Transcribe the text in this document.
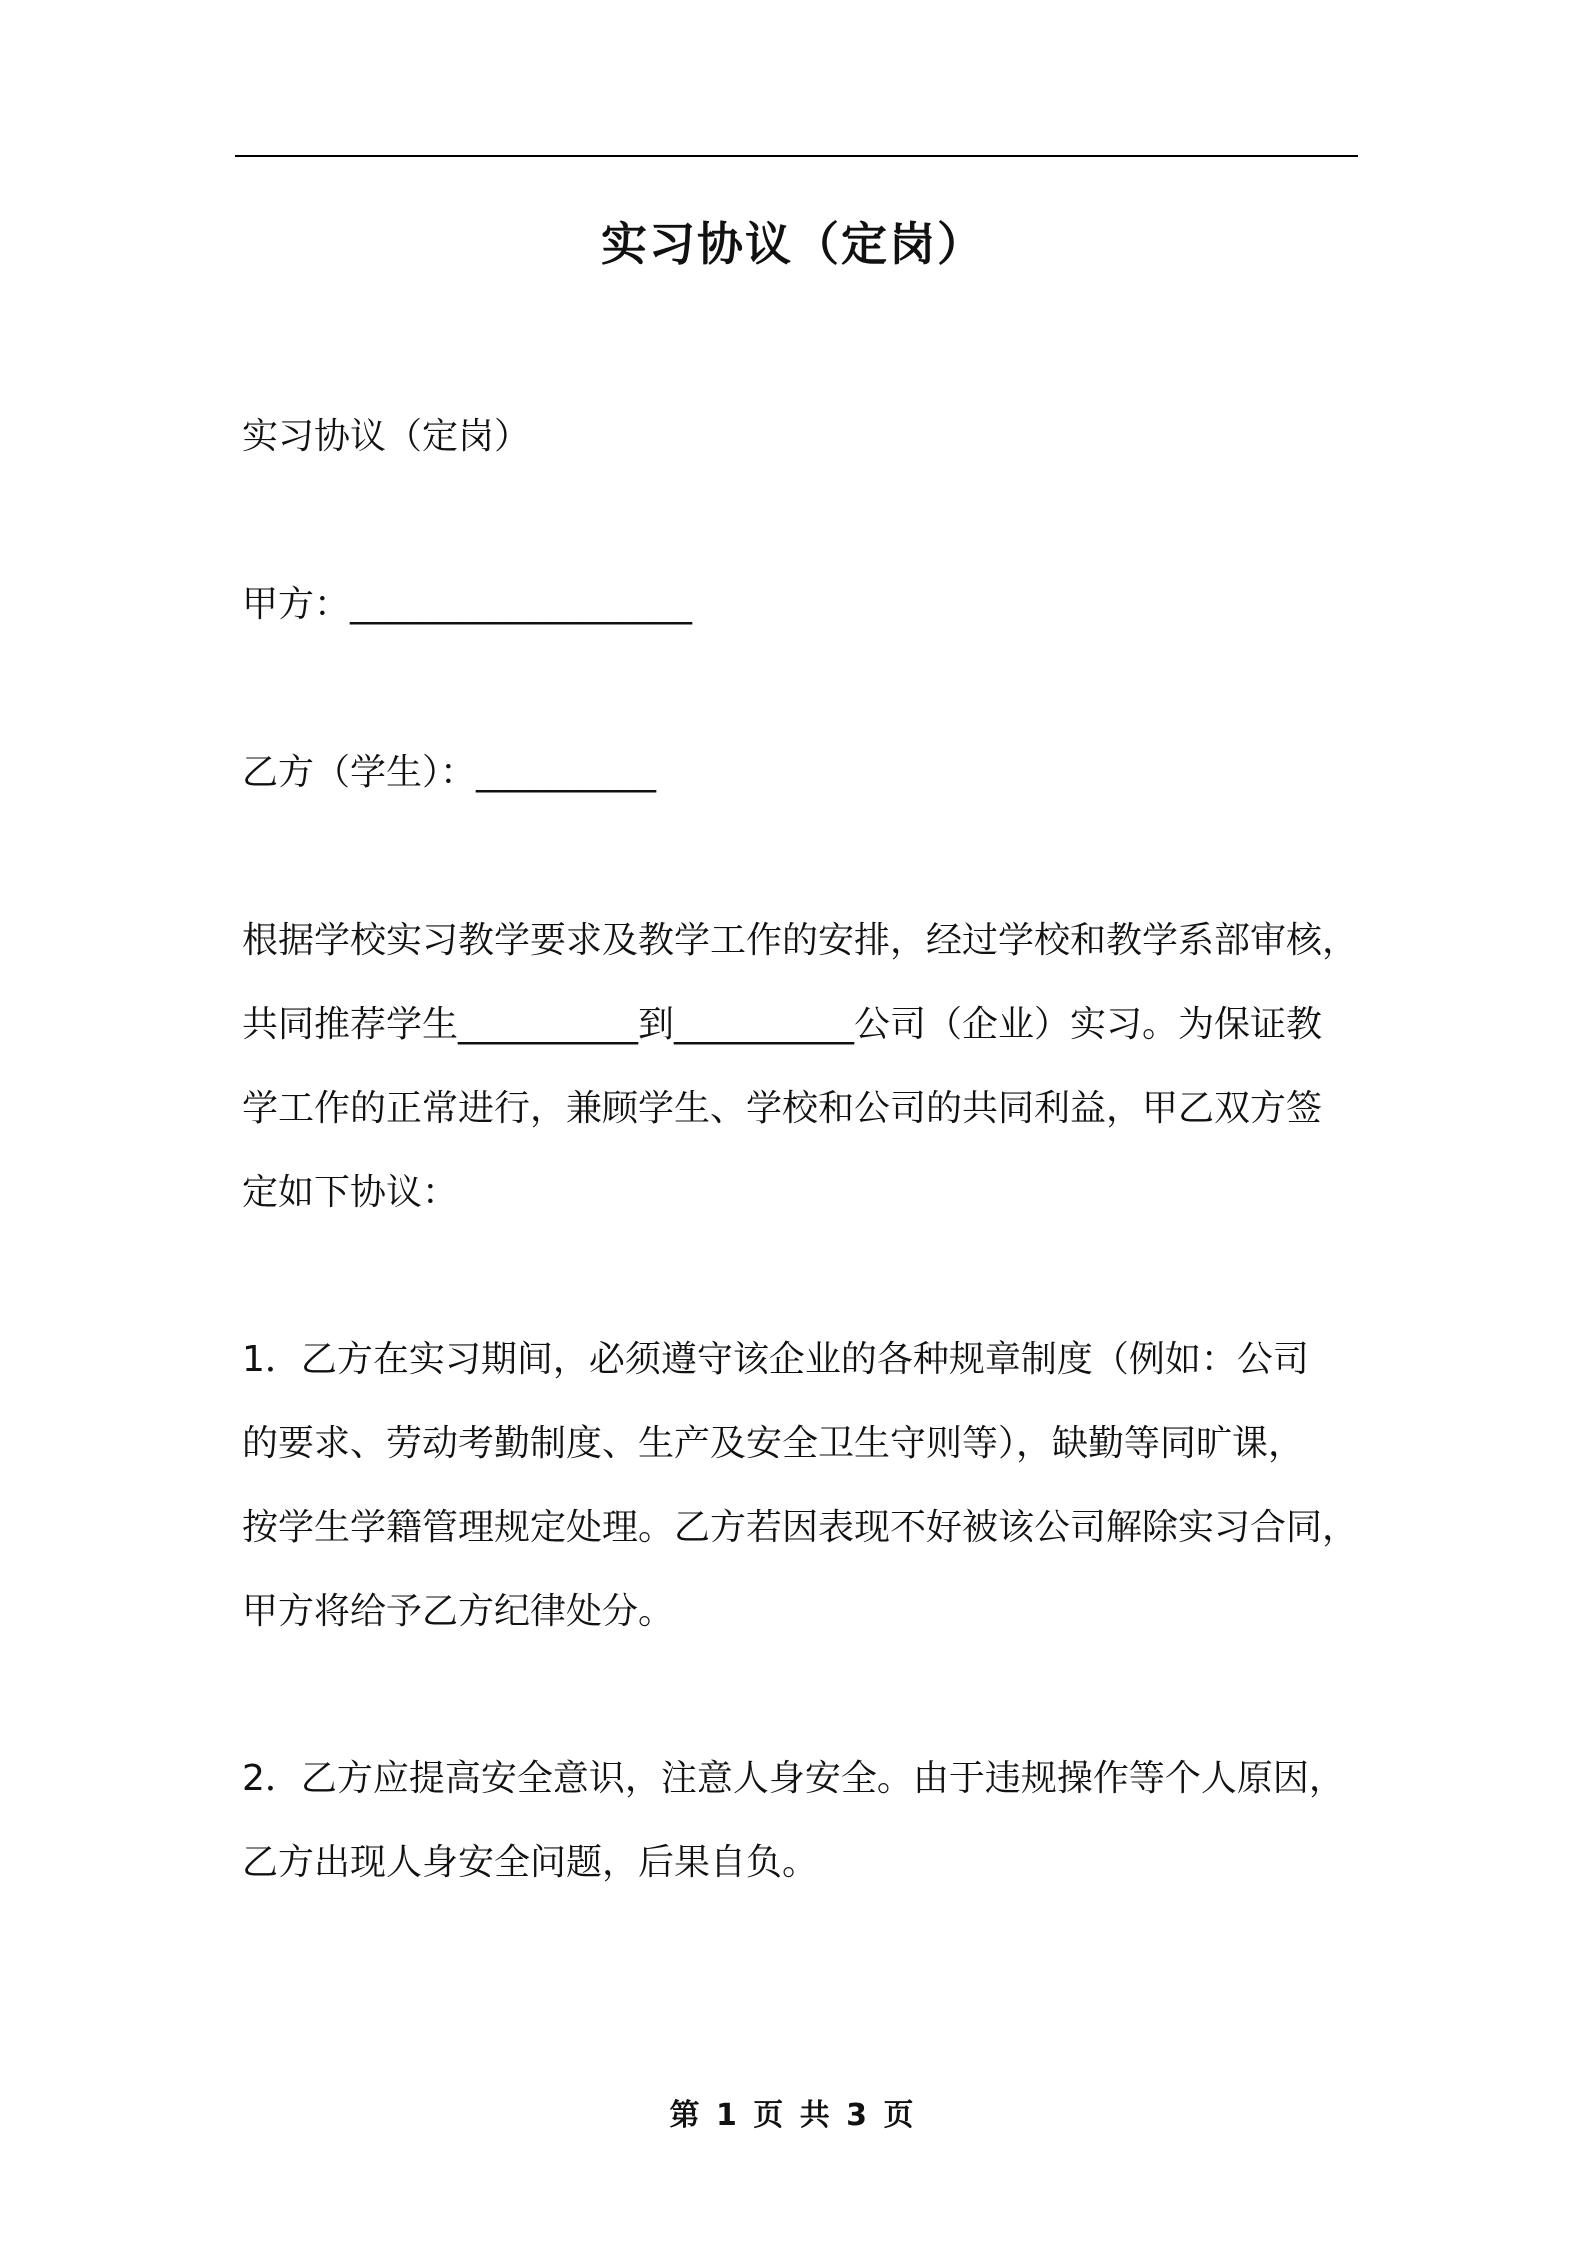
实习协议（定岗）
实习协议（定岗）
甲方：___________________
乙方（学生）：__________
根据学校实习教学要求及教学工作的安排，经过学校和教学系部审核，
共同推荐学生__________到__________公司（企业）实习。为保证教
学工作的正常进行，兼顾学生、学校和公司的共同利益，甲乙双方签
定如下协议：
1．乙方在实习期间，必须遵守该企业的各种规章制度（例如：公司
的要求、劳动考勤制度、生产及安全卫生守则等），缺勤等同旷课，
按学生学籍管理规定处理。乙方若因表现不好被该公司解除实习合同，
甲方将给予乙方纪律处分。
2．乙方应提高安全意识，注意人身安全。由于违规操作等个人原因，
乙方出现人身安全问题，后果自负。
第 1 页 共 3 页
